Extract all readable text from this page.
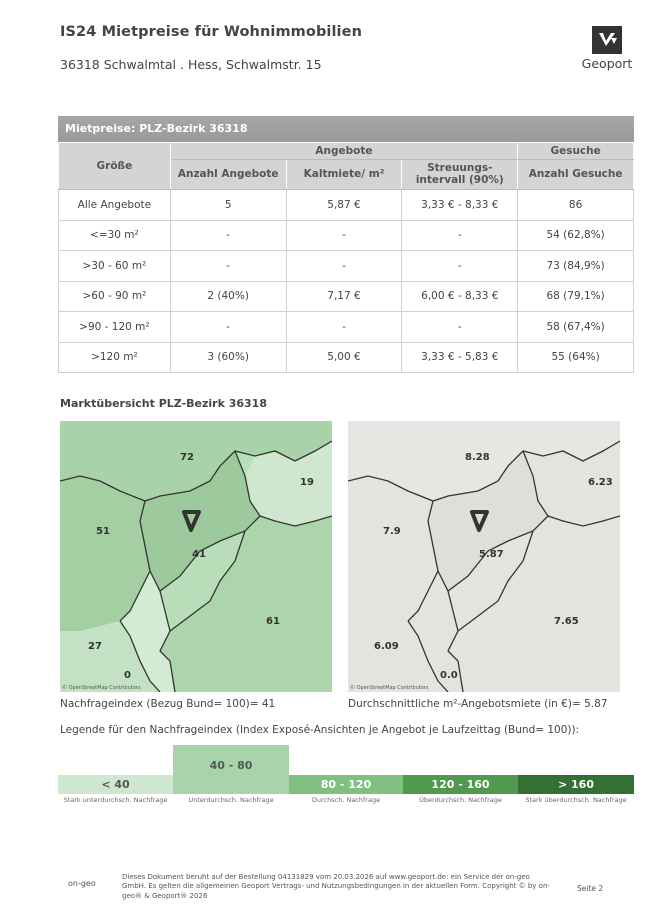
IS24 Mietpreise für Wohnimmobilien
36318 Schwalmtal . Hess, Schwalmstr. 15	Geoport
Mietpreise: PLZ-Bezirk 36318
Größe	Angebote			Gesuche
	Anzahl Angebote	Kaltmiete/ m²	Streuungs-intervall (90%)	Anzahl Gesuche
Alle Angebote	5	5,87 €	3,33 € - 8,33 €	86
<=30 m²	-	-	-	54 (62,8%)
>30 - 60 m²	-	-	-	73 (84,9%)
>60 - 90 m²	2 (40%)	7,17 €	6,00 € - 8,33 €	68 (79,1%)
>90 - 120 m²	-	-	-	58 (67,4%)
>120 m²	3 (60%)	5,00 €	3,33 € - 5,83 €	55 (64%)
Marktübersicht PLZ-Bezirk 36318
72
19
51
41
61
27
0
© OpenStreetMap Contributors
8.28
6.23
7.9
5.87
7.65
6.09
0.0
© OpenStreetMap Contributors
Nachfrageindex (Bezug Bund= 100)= 41	Durchschnittliche m²-Angebotsmiete (in €)= 5.87
Legende für den Nachfrageindex (Index Exposé-Ansichten je Angebot je Laufzeittag (Bund= 100)):
< 40
Stark unterdurchsch. Nachfrage
40 - 80
Unterdurchsch. Nachfrage
80 - 120
Durchsch. Nachfrage
120 - 160
Überdurchsch. Nachfrage
> 160
Stark überdurchsch. Nachfrage
on-geo
Dieses Dokument beruht auf der Bestellung 04131829 vom 20.03.2026 auf www.geoport.de: ein Service der on-geo GmbH. Es gelten die allgemeinen Geoport Vertrags- und Nutzungsbedingungen in der aktuellen Form. Copyright © by on-geo® & Geoport® 2026
Seite 2
